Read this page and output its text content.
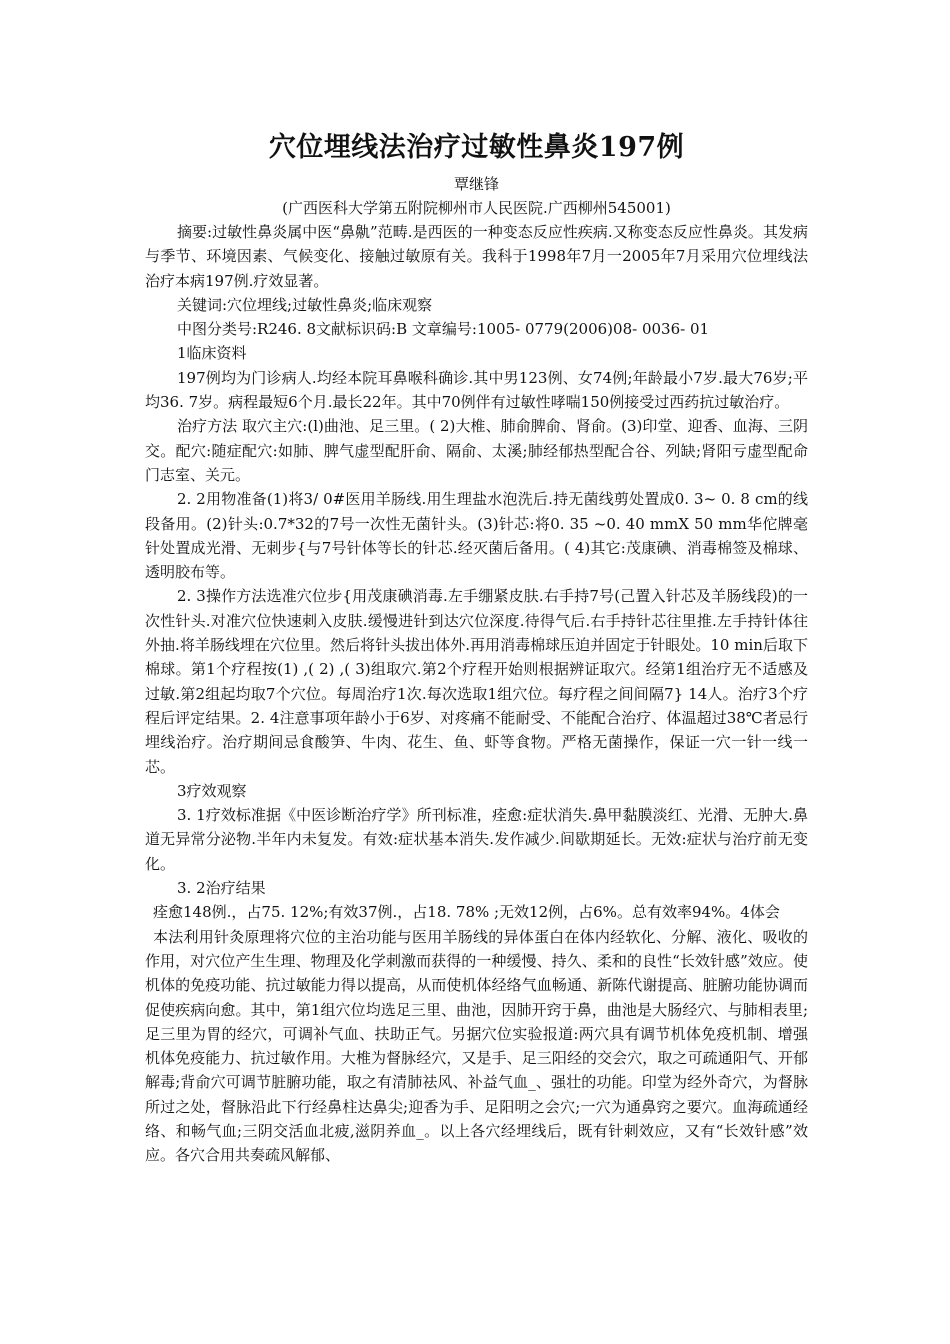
穴位埋线法治疗过敏性鼻炎197例
覃继锋
(广西医科大学第五附院柳州市人民医院.广西柳州545001)

摘要:过敏性鼻炎属中医“鼻鼽”范畴.是西医的一种变态反应性疾病.又称变态反应性鼻炎。其发病与季节、环境因素、气候变化、接触过敏原有关。我科于1998年7月一2005年7月采用穴位埋线法治疗本病197例.疗效显著。

关键词:穴位埋线;过敏性鼻炎;临床观察

中图分类号:R246. 8文献标识码:B 文章编号:1005- 0779(2006)08- 0036- 01

1临床资料

197例均为门诊病人.均经本院耳鼻喉科确诊.其中男123例、女74例;年龄最小7岁.最大76岁;平均36. 7岁。病程最短6个月.最长22年。其中70例伴有过敏性哮喘150例接受过西药抗过敏治疗。

治疗方法 取穴主穴:(l)曲池、足三里。( 2)大椎、肺俞脾俞、肾俞。(3)印堂、迎香、血海、三阴交。配穴:随症配穴:如肺、脾气虚型配肝俞、隔俞、太溪;肺经郁热型配合谷、列缺;肾阳亏虚型配命门志室、关元。

2. 2用物准备(1)将3/ 0#医用羊肠线.用生理盐水泡洗后.持无菌线剪处置成0. 3~ 0. 8 cm的线段备用。(2)针头:0.7*32的7号一次性无菌针头。(3)针芯:将0. 35 ~0. 40 mmX 50 mm华佗牌毫针处置成光滑、无刺步{与7号针体等长的针芯.经灭菌后备用。( 4)其它:茂康碘、消毒棉签及棉球、透明胶布等。

2. 3操作方法选准穴位步{用茂康碘消毒.左手绷紧皮肤.右手持7号(己置入针芯及羊肠线段)的一次性针头.对准穴位快速刺入皮肤.缓慢进针到达穴位深度.待得气后.右手持针芯往里推.左手持针体往外抽.将羊肠线埋在穴位里。然后将针头拔出体外.再用消毒棉球压迫并固定于针眼处。10 min后取下棉球。第1个疗程按(1) ,( 2) ,( 3)组取穴.第2个疗程开始则根据辨证取穴。经第1组治疗无不适感及过敏.第2组起均取7个穴位。每周治疗1次.每次选取1组穴位。每疗程之间间隔7} 14人。治疗3个疗程后评定结果。2. 4注意事项年龄小于6岁、对疼痛不能耐受、不能配合治疗、体温超过38℃者忌行埋线治疗。治疗期间忌食酸笋、牛肉、花生、鱼、虾等食物。严格无菌操作，保证一穴一针一线一芯。

3疗效观察

3. 1疗效标准据《中医诊断治疗学》所刊标准，痊愈:症状消失.鼻甲黏膜淡红、光滑、无肿大.鼻道无异常分泌物.半年内未复发。有效:症状基本消失.发作减少.间歇期延长。无效:症状与治疗前无变化。

3. 2治疗结果

痊愈148例.，占75. 12%;有效37例.，占18. 78% ;无效12例，占6%。总有效率94%。4体会

本法利用针灸原理将穴位的主治功能与医用羊肠线的异体蛋白在体内经软化、分解、液化、吸收的作用，对穴位产生生理、物理及化学刺激而获得的一种缓慢、持久、柔和的良性“长效针感”效应。使机体的免疫功能、抗过敏能力得以提高，从而使机体经络气血畅通、新陈代谢提高、脏腑功能协调而促使疾病向愈。其中，第1组穴位均选足三里、曲池，因肺开窍于鼻，曲池是大肠经穴、与肺相表里;足三里为胃的经穴，可调补气血、扶助正气。另据穴位实验报道:两穴具有调节机体免疫机制、增强机体免疫能力、抗过敏作用。大椎为督脉经穴，又是手、足三阳经的交会穴，取之可疏通阳气、开郁解毒;背俞穴可调节脏腑功能，取之有清肺祛风、补益气血_、强壮的功能。印堂为经外奇穴，为督脉所过之处，督脉沿此下行经鼻柱达鼻尖;迎香为手、足阳明之会穴;一穴为通鼻窍之要穴。血海疏通经络、和畅气血;三阴交活血北疲,滋阴养血_。以上各穴经埋线后，既有针刺效应，又有“长效针感”效应。各穴合用共奏疏风解郁、
